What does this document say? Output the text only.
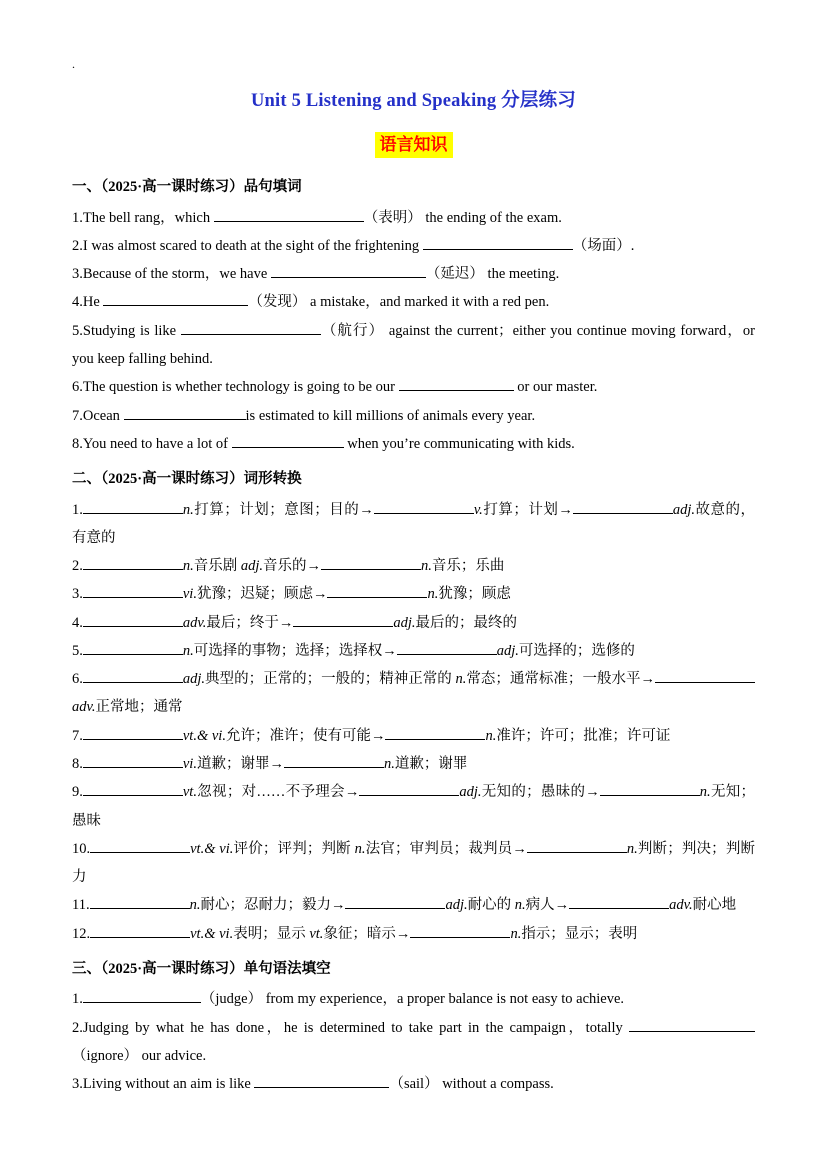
.
Unit 5 Listening and Speaking 分层练习
语言知识

一、（2025·高一课时练习）品句填词

1.The bell rang，which	（表明） the ending of the exam.

2.I was almost scared to death at the sight of the frightening	（场面）.

3.Because of the storm，we have	（延迟） the meeting.

4.He	（发现） a mistake，and marked it with a red pen.

5.Studying is like	（航行） against the current；either you continue moving forward，or you keep falling behind.

6.The question is whether technology is going to be our	or our master.

7.Ocean	is estimated to kill millions of animals every year.

8.You need to have a lot of	when you’re communicating with kids.

二、（2025·高一课时练习）词形转换

1.	n.打算；计划；意图；目的→	v.打算；计划→	adj.故意的，有意的

2.	n.音乐剧 adj.音乐的→	n.音乐；乐曲

3.	vi.犹豫；迟疑；顾虑→	n.犹豫；顾虑

4.	adv.最后；终于→	adj.最后的；最终的

5.	n.可选择的事物；选择；选择权→	adj.可选择的；选修的

6.	adj.典型的；正常的；一般的；精神正常的 n.常态；通常标准；一般水平→adv.正常地；通常

7.	vt.& vi.允许；准许；使有可能→	n.准许；许可；批准；许可证

8.	vi.道歉；谢罪→	n.道歉；谢罪

9.	vt.忽视；对……不予理会→	adj.无知的；愚昧的→	n.无知；愚昧

10.	vt.& vi.评价；评判；判断 n.法官；审判员；裁判员→	n.判断；判决；判断力

11.	n.耐心；忍耐力；毅力→	adj.耐心的 n.病人→	adv.耐心地

12.	vt.& vi.表明；显示 vt.象征；暗示→	n.指示；显示；表明

三、（2025·高一课时练习）单句语法填空

1.	（judge） from my experience，a proper balance is not easy to achieve.

2.Judging by what he has done，he is determined to take part in the campaign，totally （ignore） our advice.

3.Living without an aim is like	（sail） without a compass.
